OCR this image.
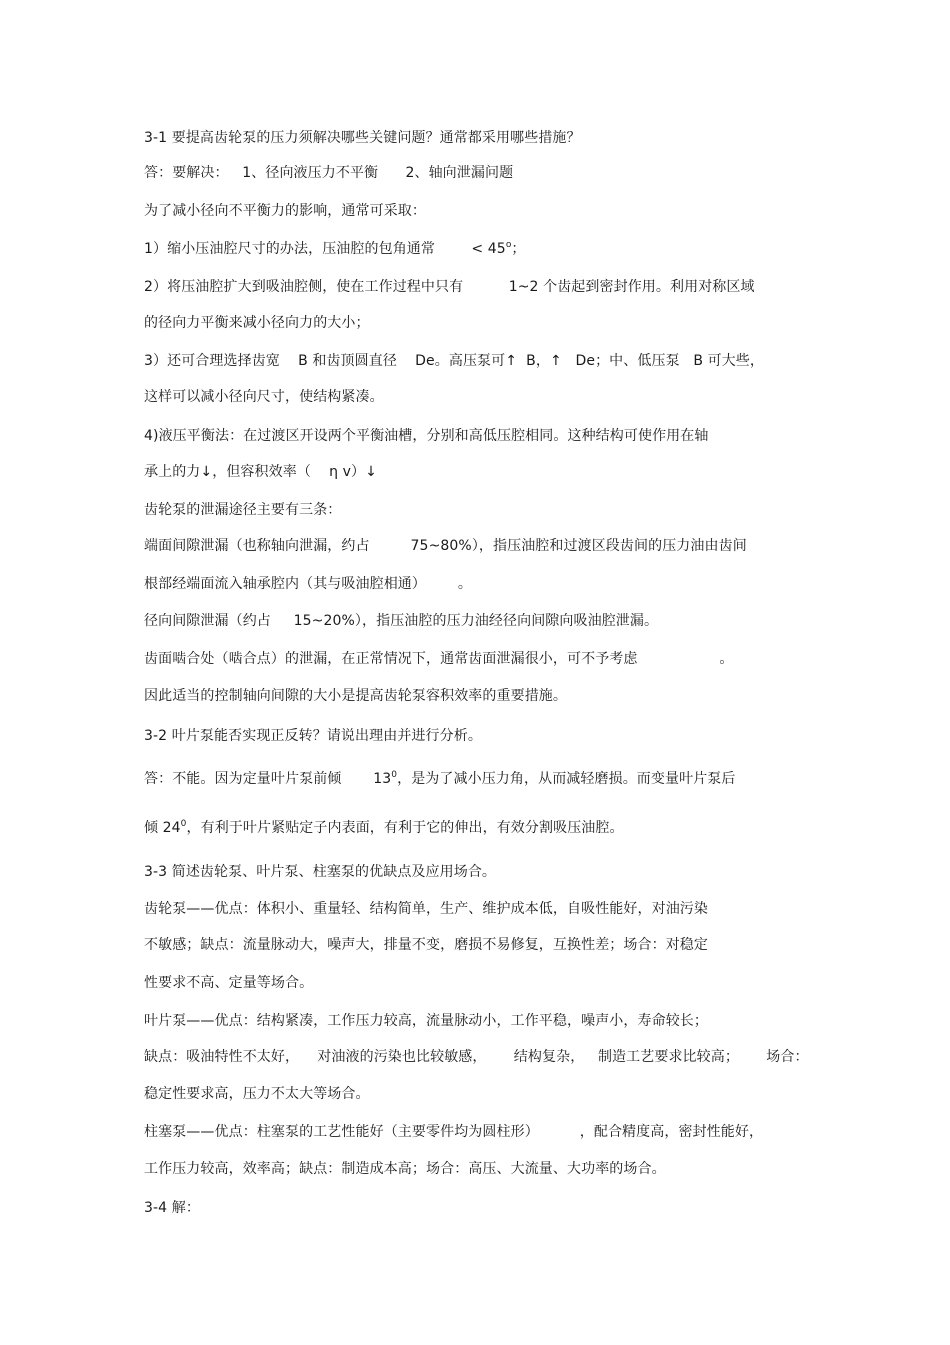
3-1 要提高齿轮泵的压力须解决哪些关键问题？通常都采用哪些措施？
答：要解决：   1、径向液压力不平衡      2、轴向泄漏问题
为了减小径向不平衡力的影响，通常可采取：
1）缩小压油腔尺寸的办法，压油腔的包角通常        < $45^o$；
2）将压油腔扩大到吸油腔侧，使在工作过程中只有          1~2 个齿起到密封作用。利用对称区域
的径向力平衡来减小径向力的大小；
3）还可合理选择齿宽    B 和齿顶圆直径    De。高压泵可↑  B，↑   De；中、低压泵   B 可大些，
这样可以减小径向尺寸，使结构紧凑。
4)液压平衡法：在过渡区开设两个平衡油槽，分别和高低压腔相同。这种结构可使作用在轴
承上的力↓，但容积效率（    η v）↓
齿轮泵的泄漏途径主要有三条：
端面间隙泄漏（也称轴向泄漏，约占         75~80%），指压油腔和过渡区段齿间的压力油由齿间
根部经端面流入轴承腔内（其与吸油腔相通）       。
径向间隙泄漏（约占     15~20%），指压油腔的压力油经径向间隙向吸油腔泄漏。
齿面啮合处（啮合点）的泄漏，在正常情况下，通常齿面泄漏很小，可不予考虑                  。
因此适当的控制轴向间隙的大小是提高齿轮泵容积效率的重要措施。
3-2 叶片泵能否实现正反转？请说出理由并进行分析。
答：不能。因为定量叶片泵前倾       $13^0$，是为了减小压力角，从而减轻磨损。而变量叶片泵后
倾 $24^0$，有利于叶片紧贴定子内表面，有利于它的伸出，有效分割吸压油腔。
3-3 简述齿轮泵、叶片泵、柱塞泵的优缺点及应用场合。
齿轮泵——优点：体积小、重量轻、结构简单，生产、维护成本低，自吸性能好，对油污染
不敏感；缺点：流量脉动大，噪声大，排量不变，磨损不易修复，互换性差；场合：对稳定
性要求不高、定量等场合。
叶片泵——优点：结构紧凑，工作压力较高，流量脉动小，工作平稳，噪声小，寿命较长；
缺点：吸油特性不太好，    对油液的污染也比较敏感，      结构复杂，   制造工艺要求比较高；      场合：
稳定性要求高，压力不太大等场合。
柱塞泵——优点：柱塞泵的工艺性能好（主要零件均为圆柱形）         ，配合精度高，密封性能好，
工作压力较高，效率高；缺点：制造成本高；场合：高压、大流量、大功率的场合。
3-4 解：
